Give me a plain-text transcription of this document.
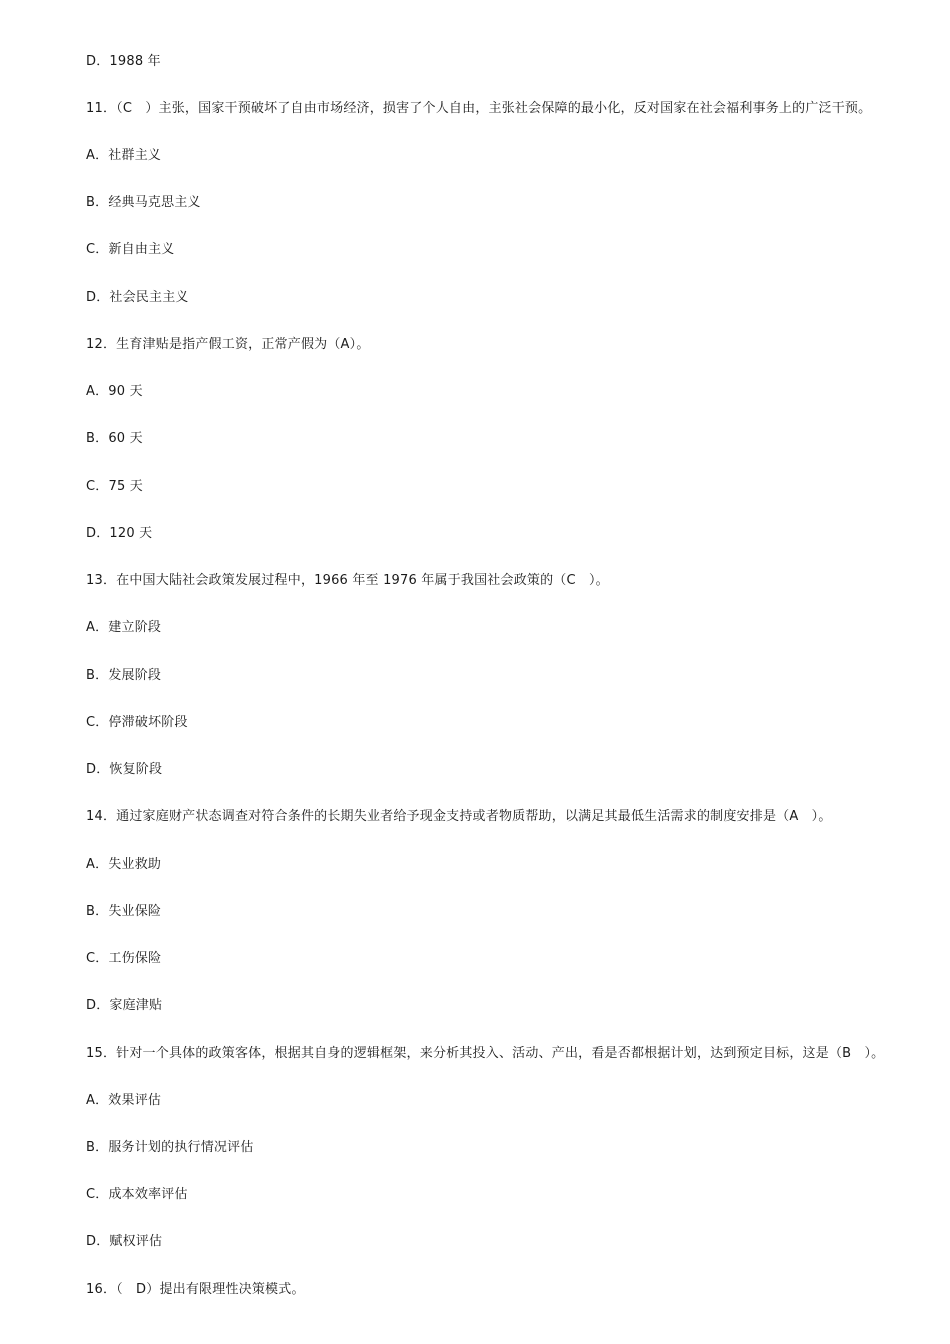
D．1988 年
11．（C　）主张，国家干预破坏了自由市场经济，损害了个人自由，主张社会保障的最小化，反对国家在社会福利事务上的广泛干预。
A．社群主义
B．经典马克思主义
C．新自由主义
D．社会民主主义
12．生育津贴是指产假工资，正常产假为（A）。
A．90 天
B．60 天
C．75 天
D．120 天
13．在中国大陆社会政策发展过程中，1966 年至 1976 年属于我国社会政策的（C　）。
A．建立阶段
B．发展阶段
C．停滞破坏阶段
D．恢复阶段
14．通过家庭财产状态调查对符合条件的长期失业者给予现金支持或者物质帮助，以满足其最低生活需求的制度安排是（A　）。
A．失业救助
B．失业保险
C．工伤保险
D．家庭津贴
15．针对一个具体的政策客体，根据其自身的逻辑框架，来分析其投入、活动、产出，看是否都根据计划，达到预定目标，这是（B　）。
A．效果评估
B．服务计划的执行情况评估
C．成本效率评估
D．赋权评估
16．（　D）提出有限理性决策模式。
